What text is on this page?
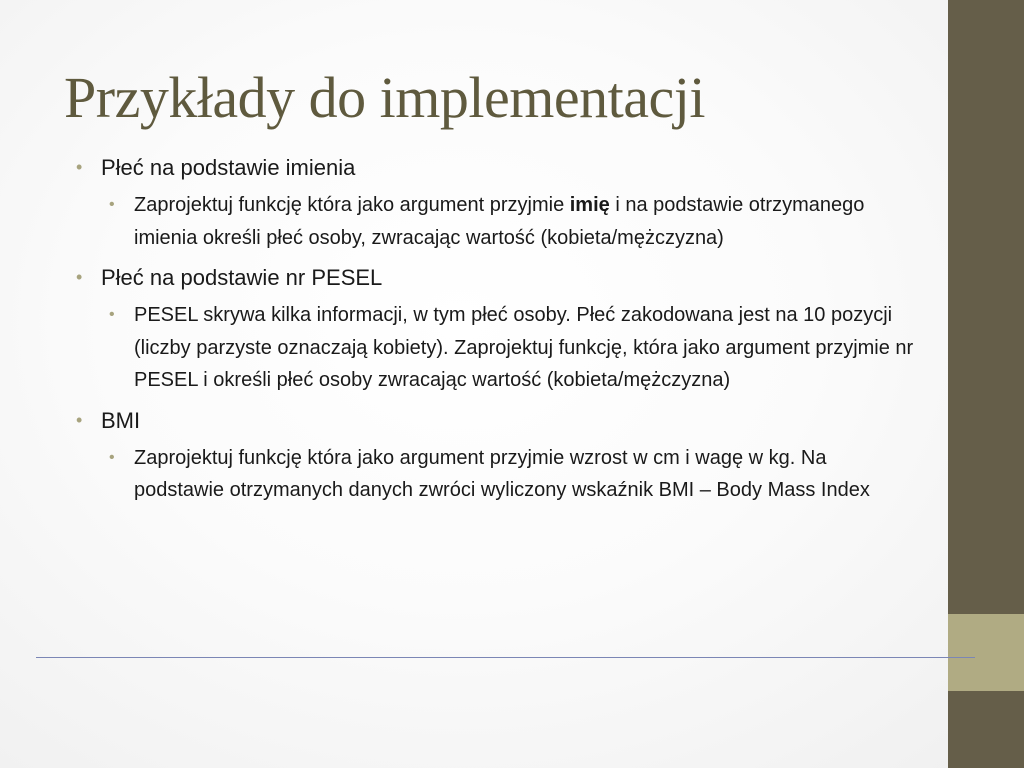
Przykłady do implementacji
• Płeć na podstawie imienia
• Zaprojektuj funkcję która jako argument przyjmie imię i na podstawie otrzymanego imienia określi płeć osoby, zwracając wartość (kobieta/mężczyzna)
• Płeć na podstawie nr PESEL
• PESEL skrywa kilka informacji, w tym płeć osoby. Płeć zakodowana jest na 10 pozycji (liczby parzyste oznaczają kobiety). Zaprojektuj funkcję, która jako argument przyjmie nr PESEL i określi płeć osoby zwracając wartość (kobieta/mężczyzna)
• BMI
• Zaprojektuj funkcję która jako argument przyjmie wzrost w cm i wagę w kg. Na podstawie otrzymanych danych zwróci wyliczony wskaźnik BMI – Body Mass Index
